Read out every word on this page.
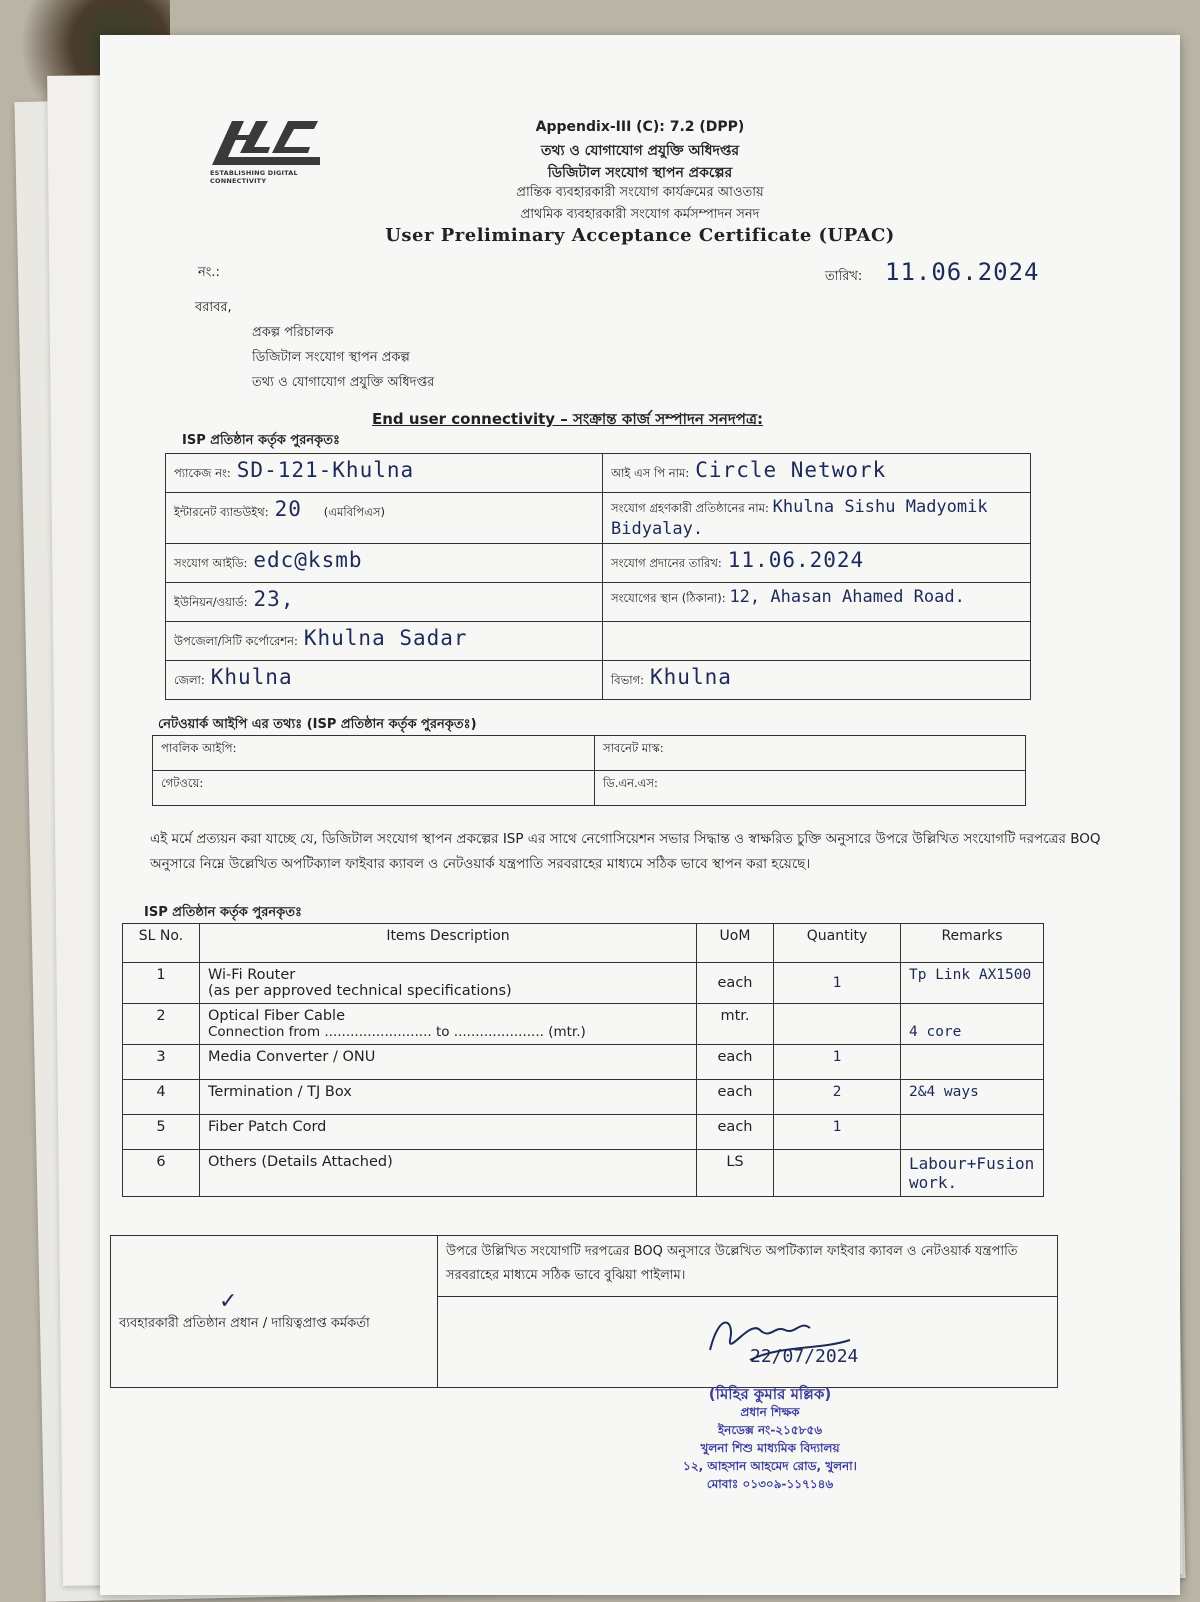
ESTABLISHING DIGITAL CONNECTIVITY
Appendix-III (C): 7.2 (DPP)
তথ্য ও যোগাযোগ প্রযুক্তি অধিদপ্তর
ডিজিটাল সংযোগ স্থাপন প্রকল্পের
প্রান্তিক ব্যবহারকারী সংযোগ কার্যক্রমের আওতায়
প্রাথমিক ব্যবহারকারী সংযোগ কর্মসম্পাদন সনদ
User Preliminary Acceptance Certificate (UPAC)
নং.:	তারিখ: 11.06.2024
বরাবর,
প্রকল্প পরিচালক
ডিজিটাল সংযোগ স্থাপন প্রকল্প
তথ্য ও যোগাযোগ প্রযুক্তি অধিদপ্তর
End user connectivity – সংক্রান্ত কার্জ সম্পাদন সনদপত্র:
ISP প্রতিষ্ঠান কর্তৃক পুরনকৃতঃ
প্যাকেজ নং: SD-121-Khulna	আই এস পি নাম: Circle Network
ইন্টারনেট ব্যান্ডউইথ: 20 (এমবিপিএস)	সংযোগ গ্রহণকারী প্রতিষ্ঠানের নাম: Khulna Sishu Madyomik Bidyalay.
সংযোগ আইডি: edc@ksmb	সংযোগ প্রদানের তারিখ: 11.06.2024
ইউনিয়ন/ওয়ার্ড: 23,	সংযোগের স্থান (ঠিকানা): 12, Ahasan Ahamed Road.
উপজেলা/সিটি কর্পোরেশন: Khulna Sadar	
জেলা: Khulna	বিভাগ: Khulna
নেটওয়ার্ক আইপি এর তথ্যঃ (ISP প্রতিষ্ঠান কর্তৃক পুরনকৃতঃ)
পাবলিক আইপি:	সাবনেট মাস্ক:
গেটওয়ে:	ডি.এন.এস:
এই মর্মে প্রত্যয়ন করা যাচ্ছে যে, ডিজিটাল সংযোগ স্থাপন প্রকল্পের ISP এর সাথে নেগোসিয়েশন সভার সিদ্ধান্ত ও স্বাক্ষরিত চুক্তি অনুসারে উপরে উল্লিখিত সংযোগটি দরপত্রের BOQ অনুসারে নিম্নে উল্লেখিত অপটিক্যাল ফাইবার ক্যাবল ও নেটওয়ার্ক যন্ত্রপাতি সরবরাহের মাধ্যমে সঠিক ভাবে স্থাপন করা হয়েছে।
ISP প্রতিষ্ঠান কর্তৃক পুরনকৃতঃ
SL No.	Items Description	UoM	Quantity	Remarks
1	Wi-Fi Router
(as per approved technical specifications)	each	1	Tp Link AX1500
2	Optical Fiber Cable
Connection from ......................... to ..................... (mtr.)	mtr.		4 core
3	Media Converter / ONU	each	1	
4	Termination / TJ Box	each	2	2&4 ways
5	Fiber Patch Cord	each	1	
6	Others (Details Attached)	LS		Labour+Fusion work.
✓
ব্যবহারকারী প্রতিষ্ঠান প্রধান / দায়িত্বপ্রাপ্ত কর্মকর্তা
	উপরে উল্লিখিত সংযোগটি দরপত্রের BOQ অনুসারে উল্লেখিত অপটিক্যাল ফাইবার ক্যাবল ও নেটওয়ার্ক যন্ত্রপাতি সরবরাহের মাধ্যমে সঠিক ভাবে বুঝিয়া পাইলাম।

22/07/2024
(মিহির কুমার মল্লিক)
প্রধান শিক্ষক
ইনডেক্স নং-২১৫৮৫৬
খুলনা শিশু মাধ্যমিক বিদ্যালয়
১২, আহসান আহমেদ রোড, খুলনা।
মোবাঃ ০১৩০৯-১১৭১৪৬
